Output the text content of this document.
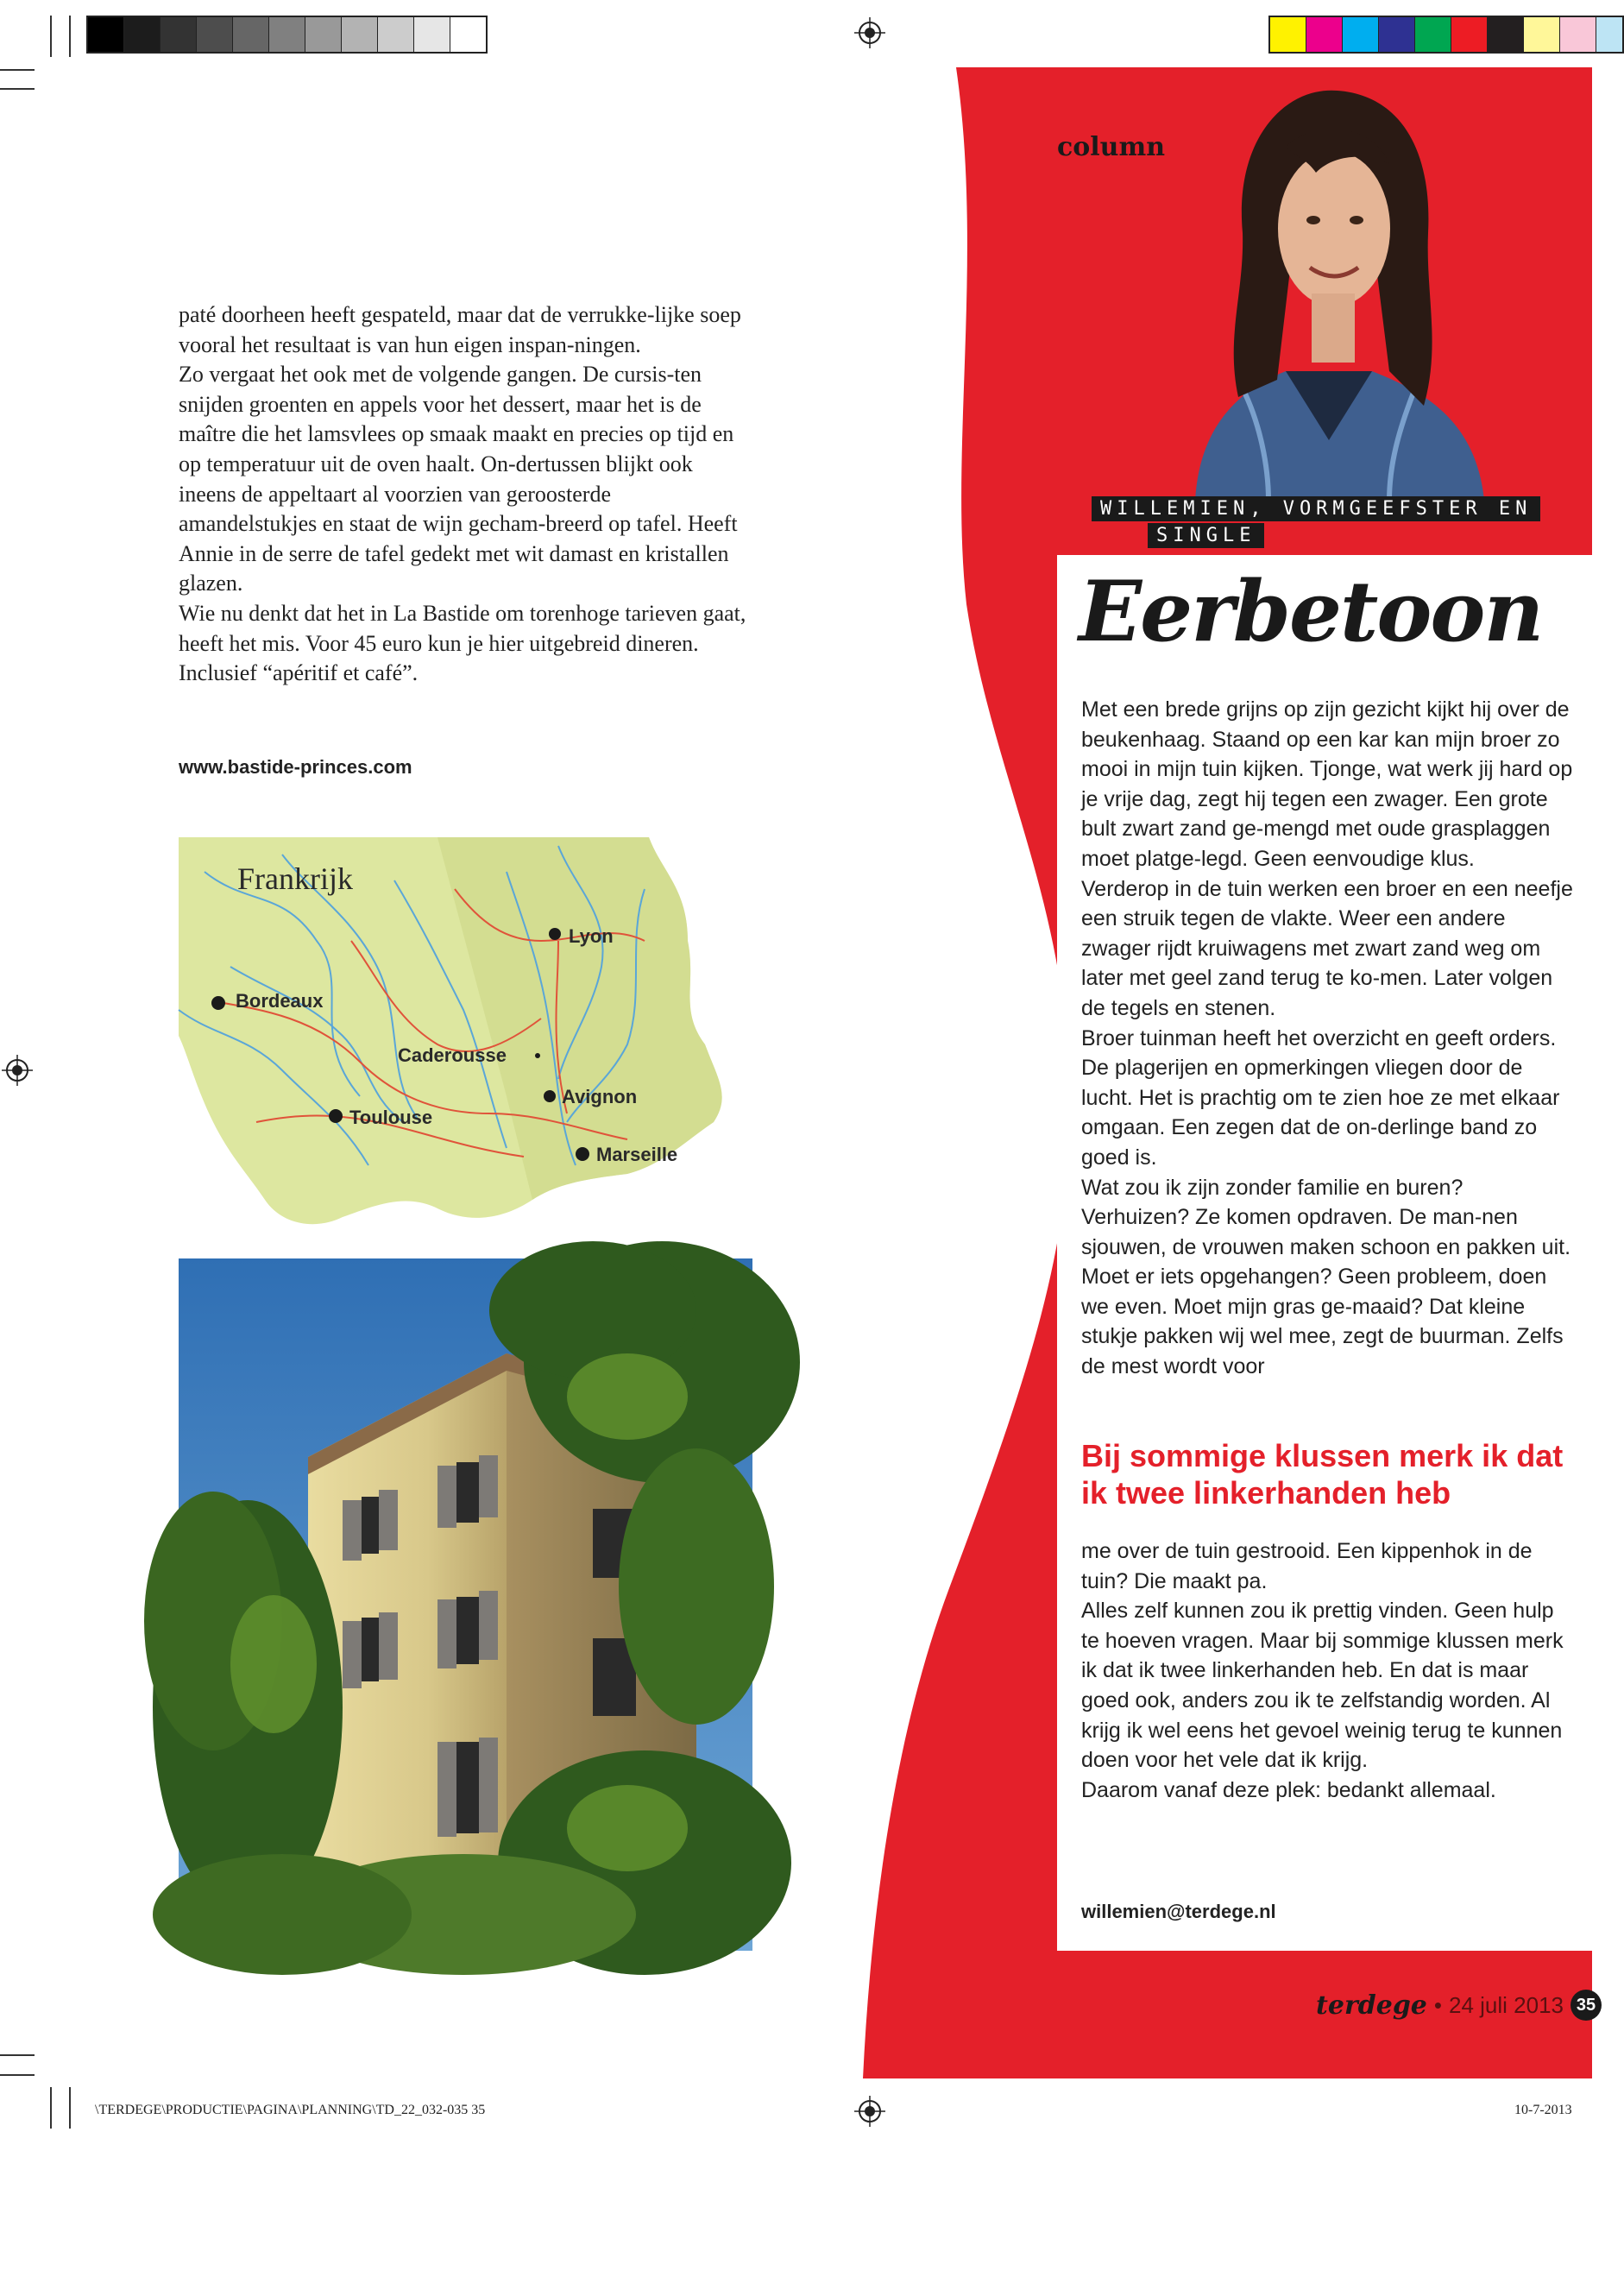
paté doorheen heeft gespateld, maar dat de verrukke-lijke soep vooral het resultaat is van hun eigen inspan-ningen.

Zo vergaat het ook met de volgende gangen. De cursis-ten snijden groenten en appels voor het dessert, maar het is de maître die het lamsvlees op smaak maakt en precies op tijd en op temperatuur uit de oven haalt. On-dertussen blijkt ook ineens de appeltaart al voorzien van geroosterde amandelstukjes en staat de wijn gecham-breerd op tafel. Heeft Annie in de serre de tafel gedekt met wit damast en kristallen glazen.

Wie nu denkt dat het in La Bastide om torenhoge tarieven gaat, heeft het mis. Voor 45 euro kun je hier uitgebreid dineren. Inclusief “apéritif et café”.

www.bastide-princes.com
Frankrijk
Lyon
Bordeaux
Caderousse
Avignon
Toulouse
Marseille
column
WILLEMIEN, VORMGEEFSTER EN
SINGLE
Eerbetoon

Met een brede grijns op zijn gezicht kijkt hij over de beukenhaag. Staand op een kar kan mijn broer zo mooi in mijn tuin kijken. Tjonge, wat werk jij hard op je vrije dag, zegt hij tegen een zwager. Een grote bult zwart zand ge-mengd met oude grasplaggen moet platge-legd. Geen eenvoudige klus.

Verderop in de tuin werken een broer en een neefje een struik tegen de vlakte. Weer een andere zwager rijdt kruiwagens met zwart zand weg om later met geel zand terug te ko-men. Later volgen de tegels en stenen.

Broer tuinman heeft het overzicht en geeft orders. De plagerijen en opmerkingen vliegen door de lucht. Het is prachtig om te zien hoe ze met elkaar omgaan. Een zegen dat de on-derlinge band zo goed is.

Wat zou ik zijn zonder familie en buren? Verhuizen? Ze komen opdraven. De man-nen sjouwen, de vrouwen maken schoon en pakken uit. Moet er iets opgehangen? Geen probleem, doen we even. Moet mijn gras ge-maaid? Dat kleine stukje pakken wij wel mee, zegt de buurman. Zelfs de mest wordt voor

Bij sommige klussen merk ik dat ik twee linkerhanden heb

me over de tuin gestrooid. Een kippenhok in de tuin? Die maakt pa.

Alles zelf kunnen zou ik prettig vinden. Geen hulp te hoeven vragen. Maar bij sommige klussen merk ik dat ik twee linkerhanden heb. En dat is maar goed ook, anders zou ik te zelfstandig worden. Al krijg ik wel eens het gevoel weinig terug te kunnen doen voor het vele dat ik krijg.

Daarom vanaf deze plek: bedankt allemaal.

willemien@terdege.nl
terdege • 24 juli 2013 35
\TERDEGE\PRODUCTIE\PAGINA\PLANNING\TD_22_032-035 35	10-7-2013
